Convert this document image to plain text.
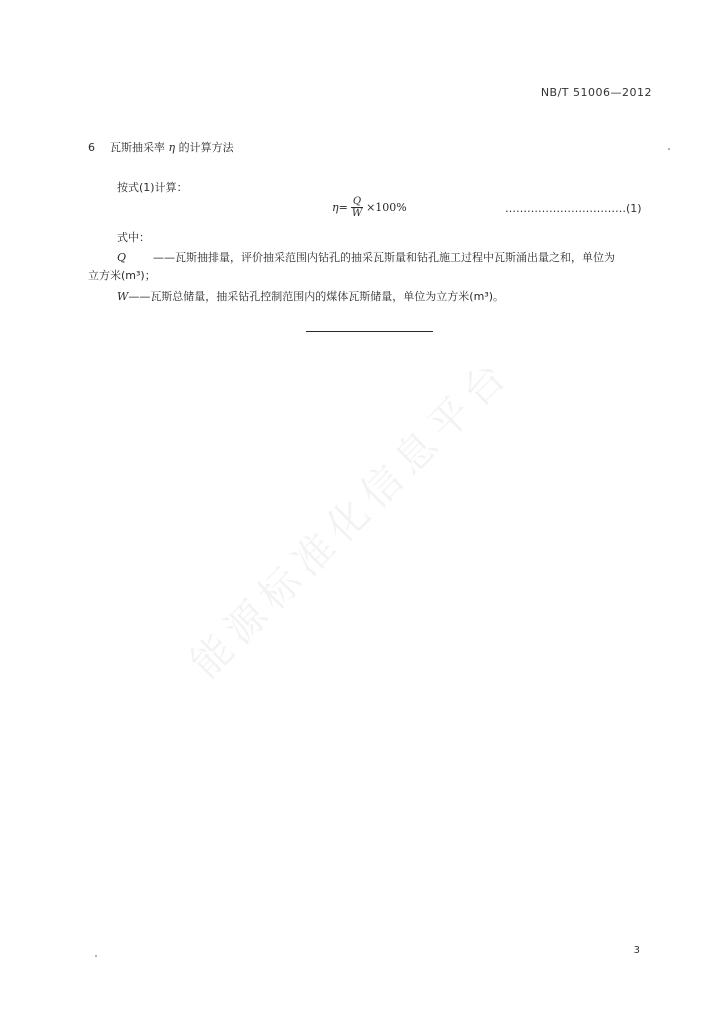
NB/T 51006—2012
6 瓦斯抽采率 η 的计算方法
按式(1)计算：
$\eta = \frac{Q}{W} \times 100\%$	……………………………(1)
式中：
Q ——瓦斯抽排量，评价抽采范围内钻孔的抽采瓦斯量和钻孔施工过程中瓦斯涌出量之和，单位为
立方米(m³)；
W——瓦斯总储量，抽采钻孔控制范围内的煤体瓦斯储量，单位为立方米(m³)。
能源标准化信息平台
3
